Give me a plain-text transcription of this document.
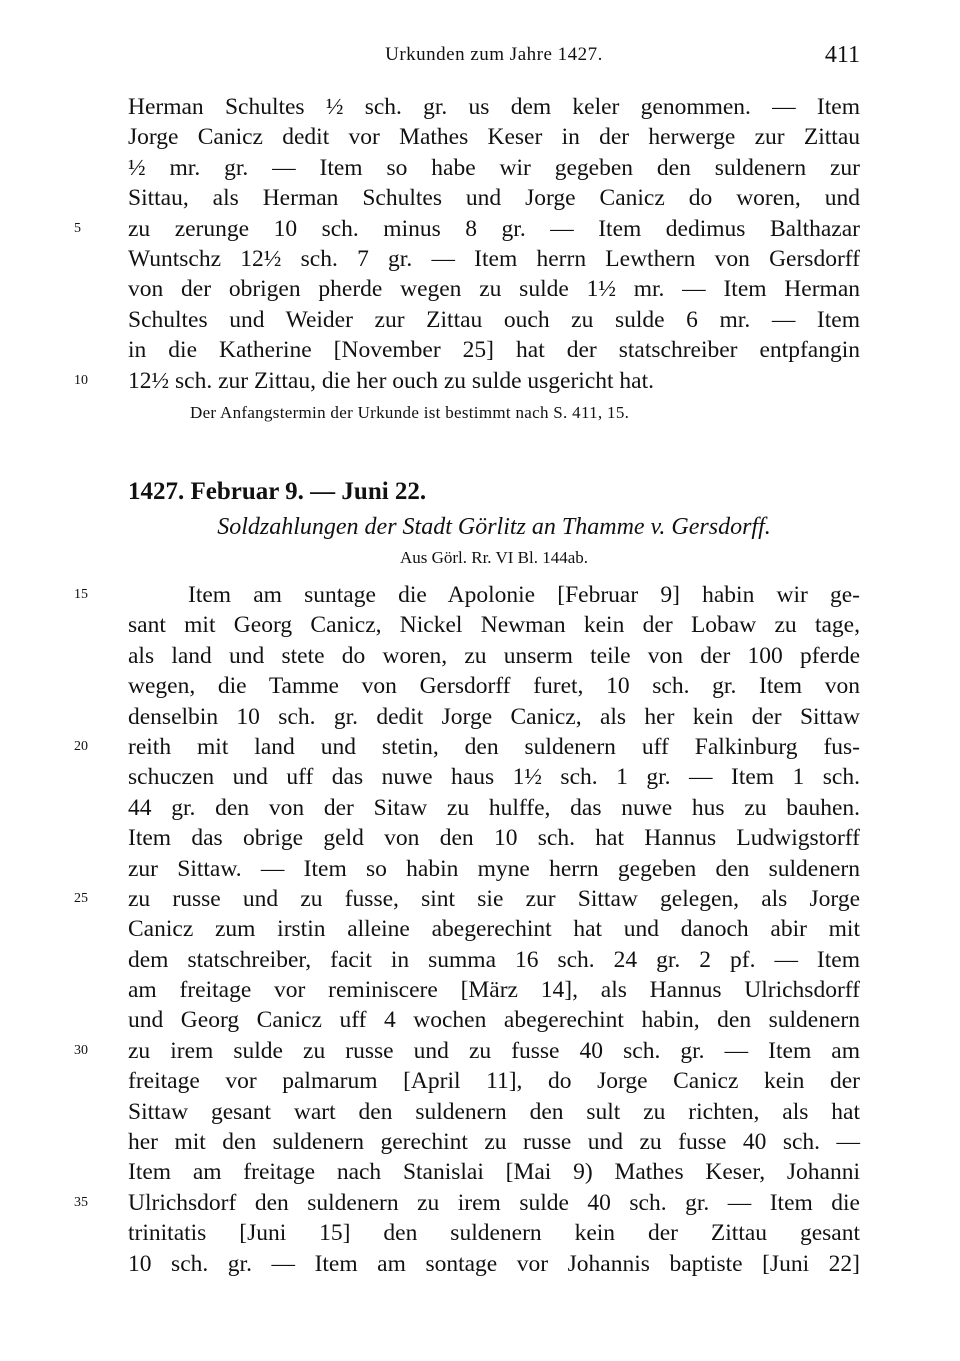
Urkunden zum Jahre 1427.	411
Herman Schultes ½ sch. gr. us dem keler genommen. — Item
Jorge Canicz dedit vor Mathes Keser in der herwerge zur Zittau
½ mr. gr. — Item so habe wir gegeben den suldenern zur
Sittau, als Herman Schultes und Jorge Canicz do woren, und
zu zerunge 10 sch. minus 8 gr. — Item dedimus Balthazar
5
Wuntschz 12½ sch. 7 gr. — Item herrn Lewthern von Gersdorff
von der obrigen pherde wegen zu sulde 1½ mr. — Item Herman
Schultes und Weider zur Zittau ouch zu sulde 6 mr. — Item
in die Katherine [November 25] hat der statschreiber entpfangin
12½ sch. zur Zittau, die her ouch zu sulde usgericht hat.
10
Der Anfangstermin der Urkunde ist bestimmt nach S. 411, 15.
1427. Februar 9. — Juni 22.
Soldzahlungen der Stadt Görlitz an Thamme v. Gersdorff.
Aus Görl. Rr. VI Bl. 144ab.
Item am suntage die Apolonie [Februar 9] habin wir ge-
15
sant mit Georg Canicz, Nickel Newman kein der Lobaw zu tage,
als land und stete do woren, zu unserm teile von der 100 pferde
wegen, die Tamme von Gersdorff furet, 10 sch. gr. Item von
denselbin 10 sch. gr. dedit Jorge Canicz, als her kein der Sittaw
reith mit land und stetin, den suldenern uff Falkinburg fus-
20
schuczen und uff das nuwe haus 1½ sch. 1 gr. — Item 1 sch.
44 gr. den von der Sitaw zu hulffe, das nuwe hus zu bauhen.
Item das obrige geld von den 10 sch. hat Hannus Ludwigstorff
zur Sittaw. — Item so habin myne herrn gegeben den suldenern
zu russe und zu fusse, sint sie zur Sittaw gelegen, als Jorge
25
Canicz zum irstin alleine abegerechint hat und danoch abir mit
dem statschreiber, facit in summa 16 sch. 24 gr. 2 pf. — Item
am freitage vor reminiscere [März 14], als Hannus Ulrichsdorff
und Georg Canicz uff 4 wochen abegerechint habin, den suldenern
zu irem sulde zu russe und zu fusse 40 sch. gr. — Item am
30
freitage vor palmarum [April 11], do Jorge Canicz kein der
Sittaw gesant wart den suldenern den sult zu richten, als hat
her mit den suldenern gerechint zu russe und zu fusse 40 sch. —
Item am freitage nach Stanislai [Mai 9) Mathes Keser, Johanni
Ulrichsdorf den suldenern zu irem sulde 40 sch. gr. — Item die
35
trinitatis [Juni 15] den suldenern kein der Zittau gesant
10 sch. gr. — Item am sontage vor Johannis baptiste [Juni 22]
